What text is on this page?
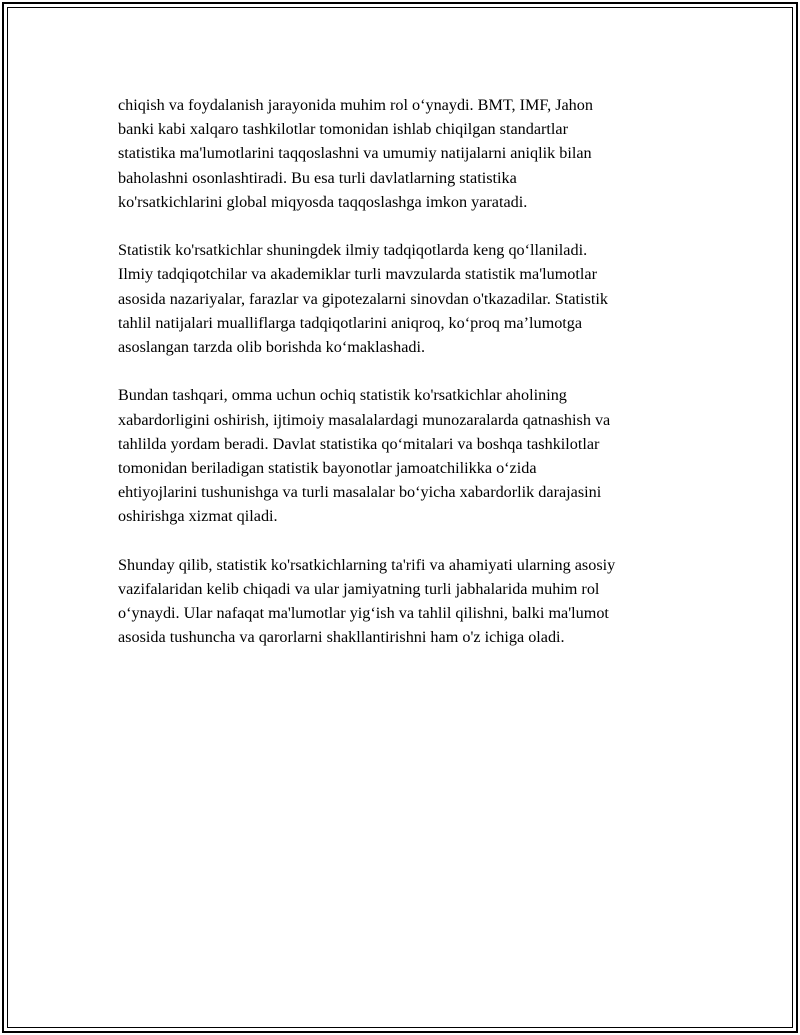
chiqish va foydalanish jarayonida muhim rol o‘ynaydi. BMT, IMF, Jahon
banki kabi xalqaro tashkilotlar tomonidan ishlab chiqilgan standartlar
statistika ma'lumotlarini taqqoslashni va umumiy natijalarni aniqlik bilan
baholashni osonlashtiradi. Bu esa turli davlatlarning statistika
ko'rsatkichlarini global miqyosda taqqoslashga imkon yaratadi.

Statistik ko'rsatkichlar shuningdek ilmiy tadqiqotlarda keng qo‘llaniladi.
Ilmiy tadqiqotchilar va akademiklar turli mavzularda statistik ma'lumotlar
asosida nazariyalar, farazlar va gipotezalarni sinovdan o'tkazadilar. Statistik
tahlil natijalari mualliflarga tadqiqotlarini aniqroq, ko‘proq maʼlumotga
asoslangan tarzda olib borishda ko‘maklashadi.

Bundan tashqari, omma uchun ochiq statistik ko'rsatkichlar aholining
xabardorligini oshirish, ijtimoiy masalalardagi munozaralarda qatnashish va
tahlilda yordam beradi. Davlat statistika qo‘mitalari va boshqa tashkilotlar
tomonidan beriladigan statistik bayonotlar jamoatchilikka oʻzida
ehtiyojlarini tushunishga va turli masalalar bo‘yicha xabardorlik darajasini
oshirishga xizmat qiladi.

Shunday qilib, statistik ko'rsatkichlarning ta'rifi va ahamiyati ularning asosiy
vazifalaridan kelib chiqadi va ular jamiyatning turli jabhalarida muhim rol
o‘ynaydi. Ular nafaqat ma'lumotlar yig‘ish va tahlil qilishni, balki ma'lumot
asosida tushuncha va qarorlarni shakllantirishni ham o'z ichiga oladi.
